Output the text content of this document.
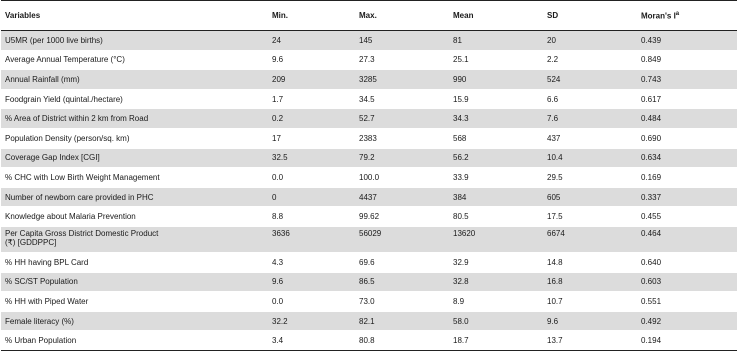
Variables	Min.	Max.	Mean	SD	Moran's $I^a$
U5MR (per 1000 live births)	24	145	81	20	0.439
Average Annual Temperature (°C)	9.6	27.3	25.1	2.2	0.849
Annual Rainfall (mm)	209	3285	990	524	0.743
Foodgrain Yield (quintal./hectare)	1.7	34.5	15.9	6.6	0.617
% Area of District within 2 km from Road	0.2	52.7	34.3	7.6	0.484
Population Density (person/sq. km)	17	2383	568	437	0.690
Coverage Gap Index [CGI]	32.5	79.2	56.2	10.4	0.634
% CHC with Low Birth Weight Management	0.0	100.0	33.9	29.5	0.169
Number of newborn care provided in PHC	0	4437	384	605	0.337
Knowledge about Malaria Prevention	8.8	99.62	80.5	17.5	0.455
Per Capita Gross District Domestic Product
(₹) [GDDPPC]	3636	56029	13620	6674	0.464
% HH having BPL Card	4.3	69.6	32.9	14.8	0.640
% SC/ST Population	9.6	86.5	32.8	16.8	0.603
% HH with Piped Water	0.0	73.0	8.9	10.7	0.551
Female literacy (%)	32.2	82.1	58.0	9.6	0.492
% Urban Population	3.4	80.8	18.7	13.7	0.194
